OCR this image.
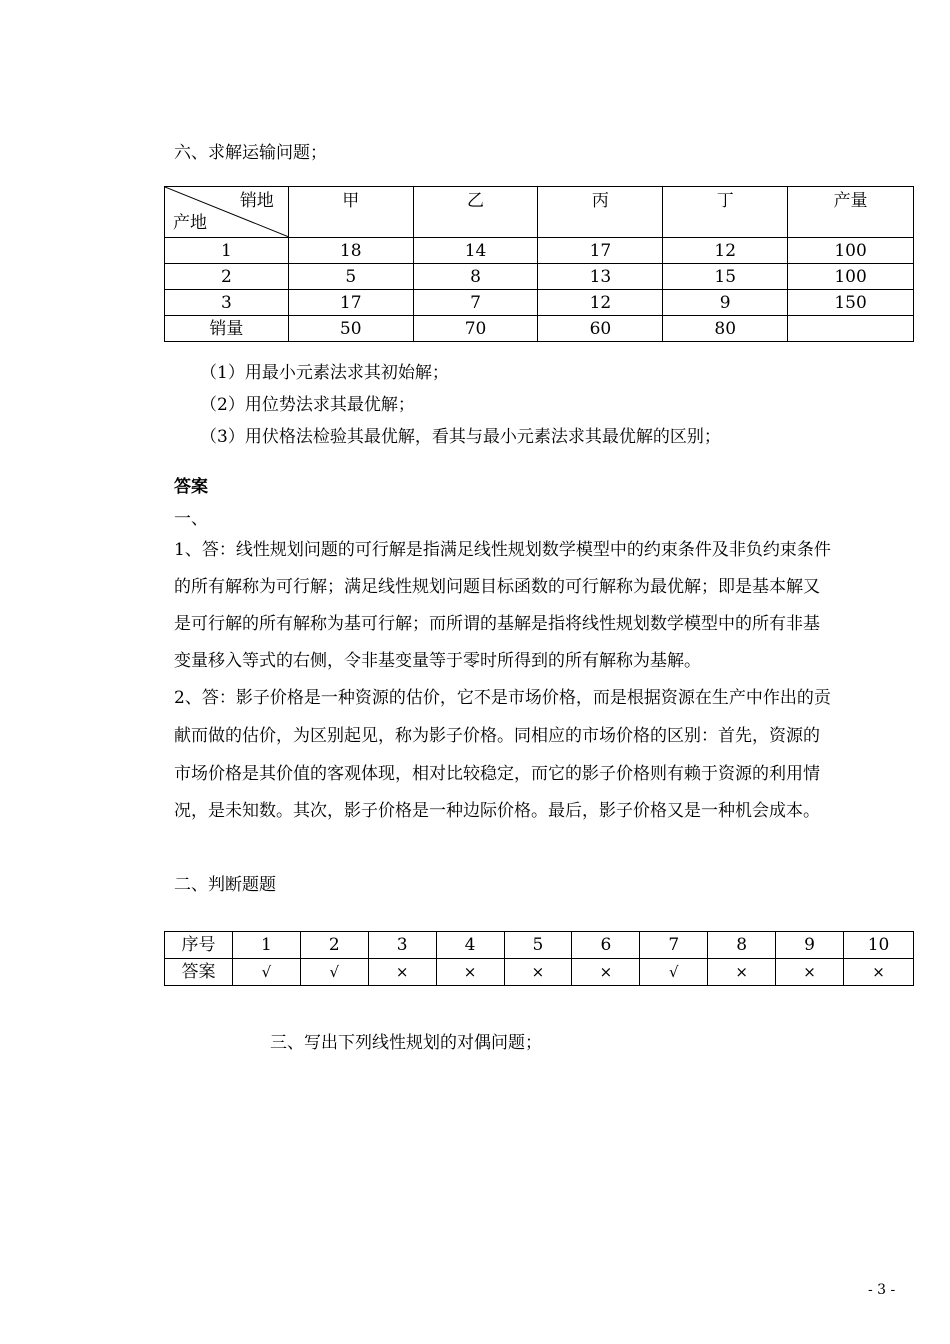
六、求解运输问题；
销地
产地	甲	乙	丙	丁	产量
1	18	14	17	12	100
2	5	8	13	15	100
3	17	7	12	9	150
销量	50	70	60	80	
（1）用最小元素法求其初始解；
（2）用位势法求其最优解；
（3）用伏格法检验其最优解，看其与最小元素法求其最优解的区别；
答案
一、
1、答：线性规划问题的可行解是指满足线性规划数学模型中的约束条件及非负约束条件
的所有解称为可行解；满足线性规划问题目标函数的可行解称为最优解；即是基本解又
是可行解的所有解称为基可行解；而所谓的基解是指将线性规划数学模型中的所有非基
变量移入等式的右侧，令非基变量等于零时所得到的所有解称为基解。
2、答：影子价格是一种资源的估价，它不是市场价格，而是根据资源在生产中作出的贡
献而做的估价，为区别起见，称为影子价格。同相应的市场价格的区别：首先，资源的
市场价格是其价值的客观体现，相对比较稳定，而它的影子价格则有赖于资源的利用情
况，是未知数。其次，影子价格是一种边际价格。最后，影子价格又是一种机会成本。
二、判断题题
序号	1	2	3	4	5	6	7	8	9	10
答案	√	√	×	×	×	×	√	×	×	×
三、写出下列线性规划的对偶问题；
- 3 -
